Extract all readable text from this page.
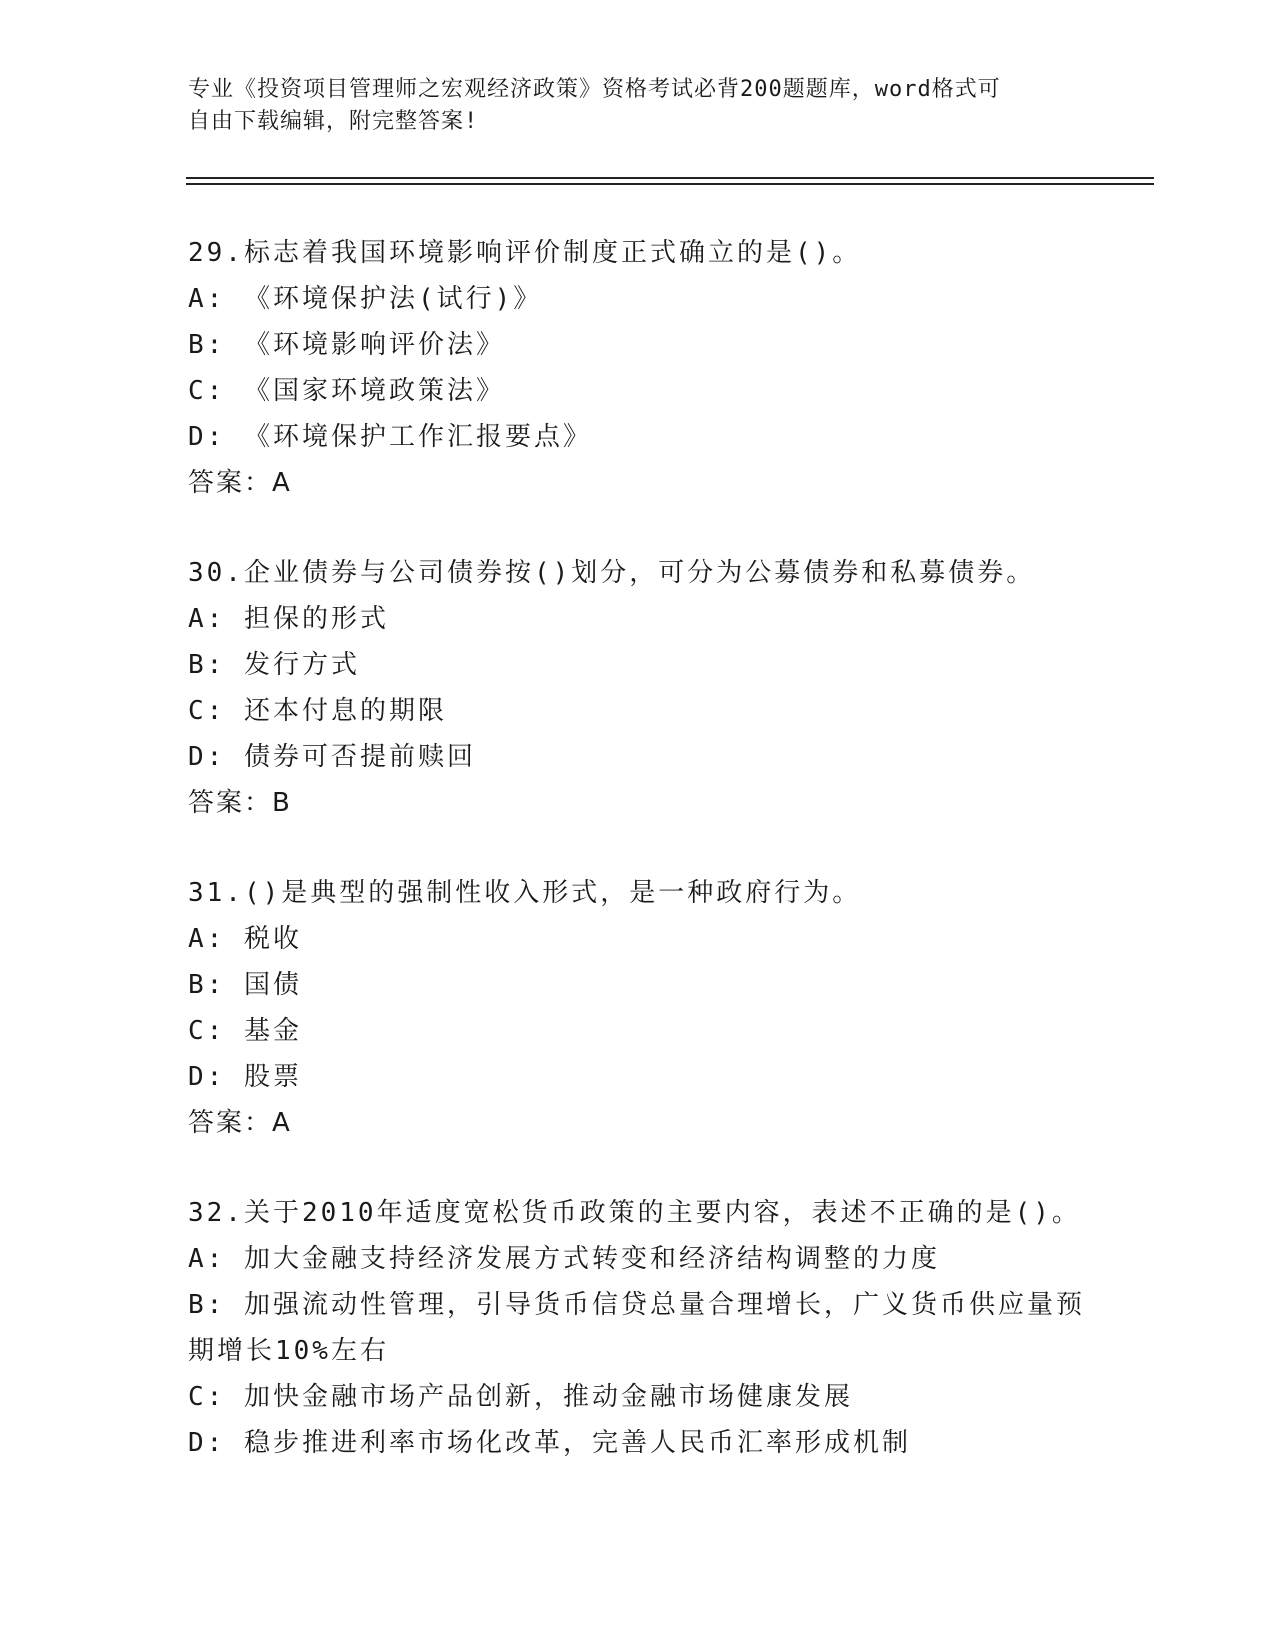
专业《投资项目管理师之宏观经济政策》资格考试必背200题题库，word格式可
自由下载编辑，附完整答案!
29.标志着我国环境影响评价制度正式确立的是()。
A: 《环境保护法(试行)》
B: 《环境影响评价法》
C: 《国家环境政策法》
D: 《环境保护工作汇报要点》
答案：A
30.企业债券与公司债券按()划分，可分为公募债券和私募债券。
A: 担保的形式
B: 发行方式
C: 还本付息的期限
D: 债券可否提前赎回
答案：B
31.()是典型的强制性收入形式，是一种政府行为。
A: 税收
B: 国债
C: 基金
D: 股票
答案：A
32.关于2010年适度宽松货币政策的主要内容，表述不正确的是()。
A: 加大金融支持经济发展方式转变和经济结构调整的力度
B: 加强流动性管理，引导货币信贷总量合理增长，广义货币供应量预期增长10%左右
C: 加快金融市场产品创新，推动金融市场健康发展
D: 稳步推进利率市场化改革，完善人民币汇率形成机制
